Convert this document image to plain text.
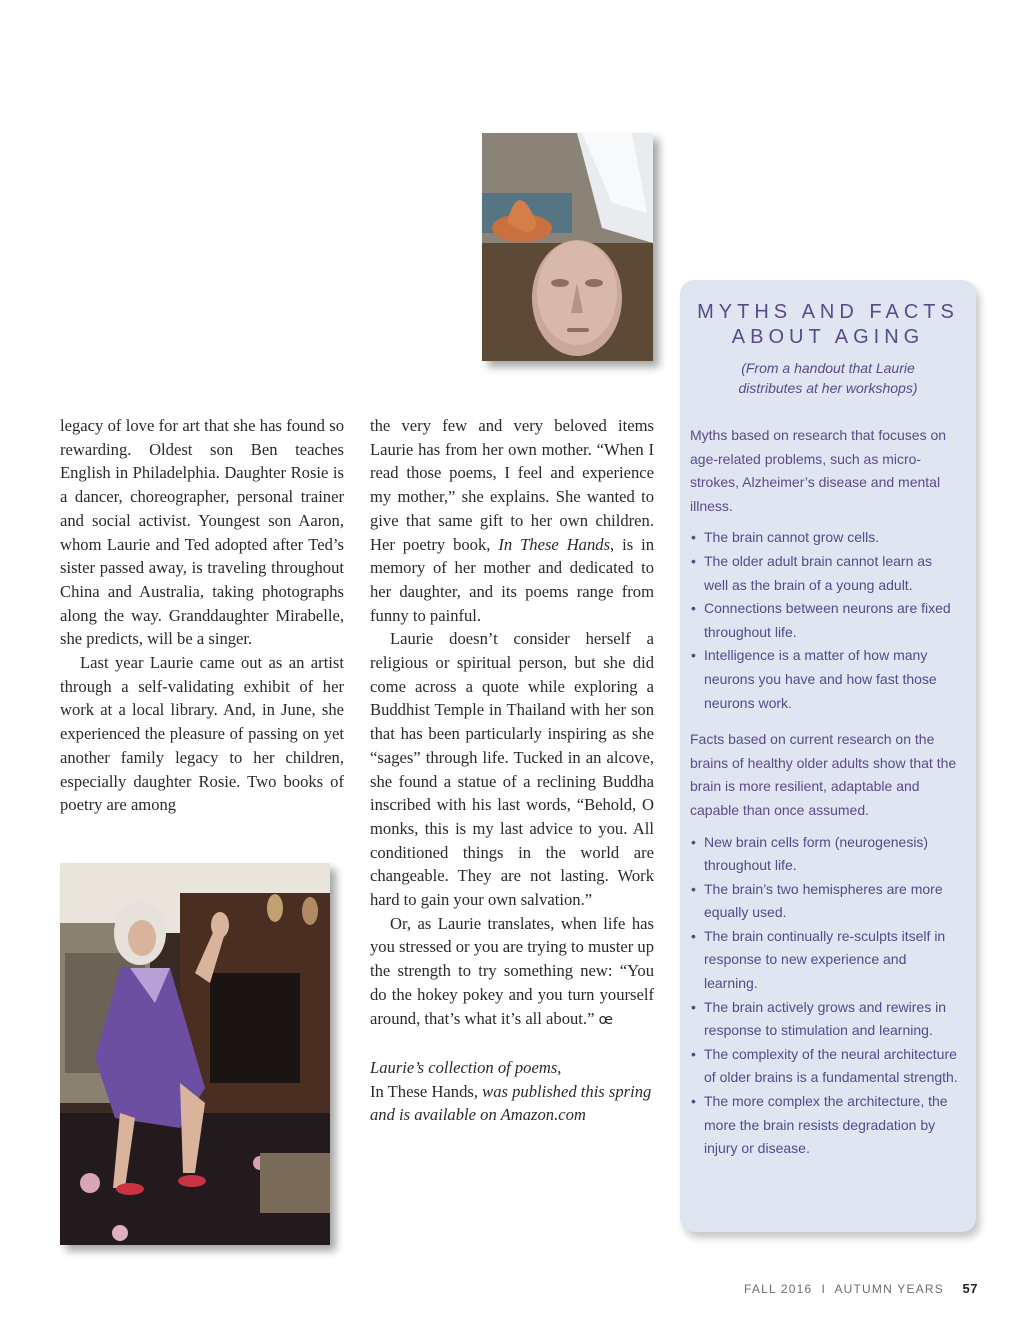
legacy of love for art that she has found so rewarding. Oldest son Ben teaches English in Philadelphia. Daughter Rosie is a dancer, choreographer, personal trainer and social activist. Youngest son Aaron, whom Laurie and Ted adopted after Ted’s sister passed away, is traveling throughout China and Australia, taking photographs along the way. Granddaughter Mirabelle, she predicts, will be a singer.

Last year Laurie came out as an artist through a self-validating exhibit of her work at a local library. And, in June, she experienced the pleasure of passing on yet another family legacy to her children, especially daughter Rosie. Two books of poetry are among

the very few and very beloved items Laurie has from her own mother. “When I read those poems, I feel and experience my mother,” she explains. She wanted to give that same gift to her own children. Her poetry book, In These Hands, is in memory of her mother and dedicated to her daughter, and its poems range from funny to painful.

Laurie doesn’t consider herself a religious or spiritual person, but she did come across a quote while exploring a Buddhist Temple in Thailand with her son that has been particularly inspiring as she “sages” through life. Tucked in an alcove, she found a statue of a reclining Buddha inscribed with his last words, “Behold, O monks, this is my last advice to you. All conditioned things in the world are changeable. They are not lasting. Work hard to gain your own salvation.”

Or, as Laurie translates, when life has you stressed or you are trying to muster up the strength to try something new: “You do the hokey pokey and you turn yourself around, that’s what it’s all about.” œ

Laurie’s collection of poems,
In These Hands, was published this spring and is available on Amazon.com

MYTHS AND FACTS ABOUT AGING
(From a handout that Laurie distributes at her workshops)
Myths based on research that focuses on age-related problems, such as micro- strokes, Alzheimer’s disease and mental illness.
• The brain cannot grow cells.
• The older adult brain cannot learn as well as the brain of a young adult.
• Connections between neurons are fixed throughout life.
• Intelligence is a matter of how many neurons you have and how fast those neurons work.
Facts based on current research on the brains of healthy older adults show that the brain is more resilient, adaptable and capable than once assumed.
• New brain cells form (neurogenesis) throughout life.
• The brain’s two hemispheres are more equally used.
• The brain continually re-sculpts itself in response to new experience and learning.
• The brain actively grows and rewires in response to stimulation and learning.
• The complexity of the neural architecture of older brains is a fundamental strength.
• The more complex the architecture, the more the brain resists degradation by injury or disease.
FALL 2016 I AUTUMN YEARS 57
